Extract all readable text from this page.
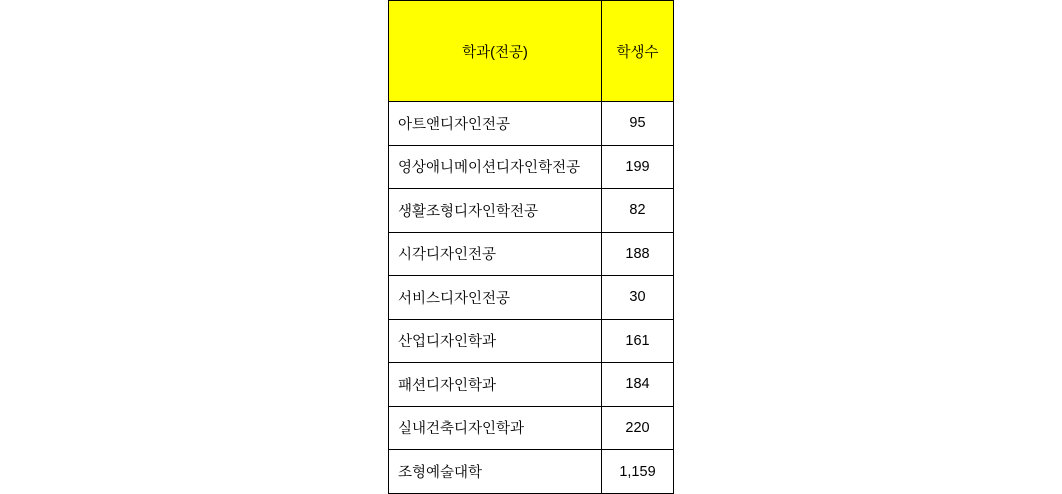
학과(전공)	학생수
아트앤디자인전공	95
영상애니메이션디자인학전공	199
생활조형디자인학전공	82
시각디자인전공	188
서비스디자인전공	30
산업디자인학과	161
패션디자인학과	184
실내건축디자인학과	220
조형예술대학	1,159
